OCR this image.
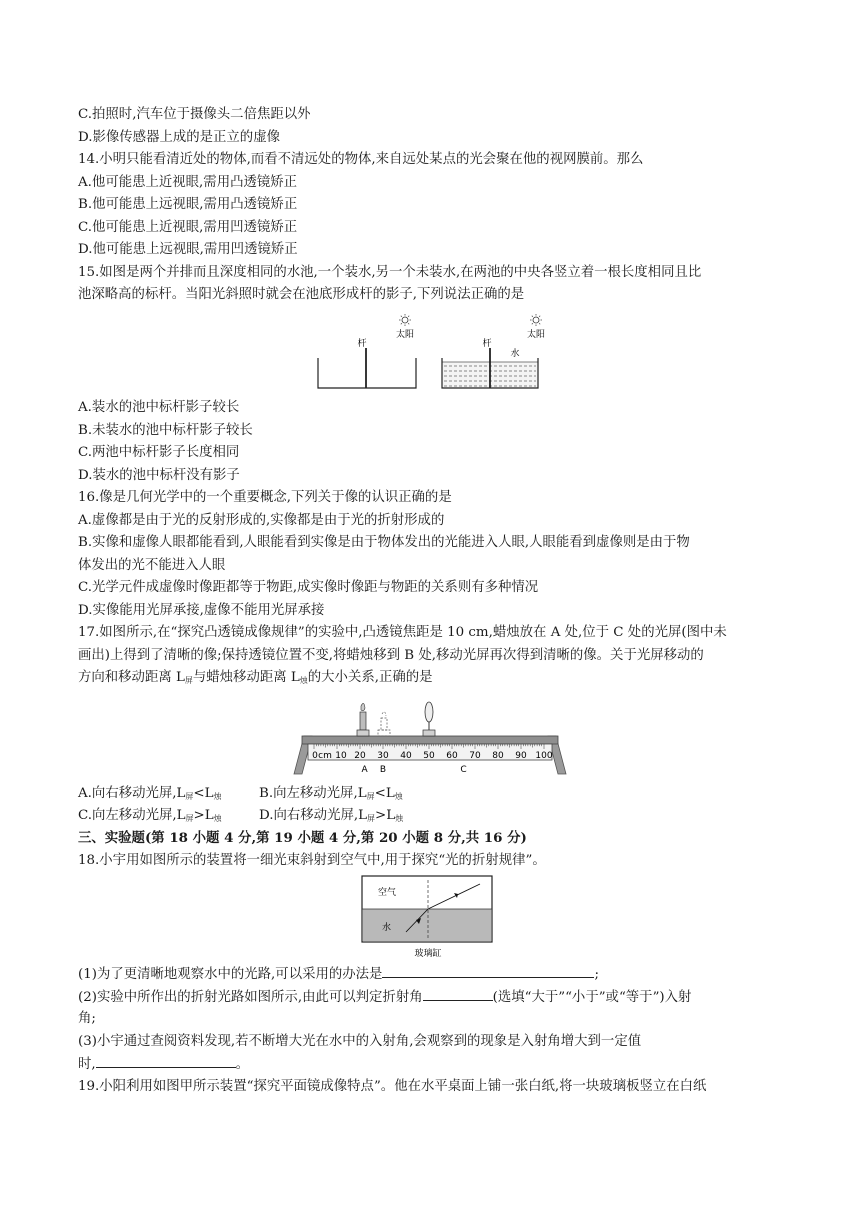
C.拍照时,汽车位于摄像头二倍焦距以外
D.影像传感器上成的是正立的虚像
14.小明只能看清近处的物体,而看不清远处的物体,来自远处某点的光会聚在他的视网膜前。那么
A.他可能患上近视眼,需用凸透镜矫正
B.他可能患上远视眼,需用凸透镜矫正
C.他可能患上近视眼,需用凹透镜矫正
D.他可能患上远视眼,需用凹透镜矫正
15.如图是两个并排而且深度相同的水池,一个装水,另一个未装水,在两池的中央各竖立着一根长度相同且比
池深略高的标杆。当阳光斜照时就会在池底形成杆的影子,下列说法正确的是
杆
太阳
杆
水
太阳
A.装水的池中标杆影子较长
B.未装水的池中标杆影子较长
C.两池中标杆影子长度相同
D.装水的池中标杆没有影子
16.像是几何光学中的一个重要概念,下列关于像的认识正确的是
A.虚像都是由于光的反射形成的,实像都是由于光的折射形成的
B.实像和虚像人眼都能看到,人眼能看到实像是由于物体发出的光能进入人眼,人眼能看到虚像则是由于物
体发出的光不能进入人眼
C.光学元件成虚像时像距都等于物距,成实像时像距与物距的关系则有多种情况
D.实像能用光屏承接,虚像不能用光屏承接
17.如图所示,在“探究凸透镜成像规律”的实验中,凸透镜焦距是 10 cm,蜡烛放在 A 处,位于 C 处的光屏(图中未
画出)上得到了清晰的像;保持透镜位置不变,将蜡烛移到 B 处,移动光屏再次得到清晰的像。关于光屏移动的
方向和移动距离 $L_屏$与蜡烛移动距离 $L_烛$的大小关系,正确的是
0 cm 10 20 30 40 50 60 70 80 90 100
A B	C
A.向右移动光屏$,L_屏<L_烛$	B.向左移动光屏$,L_屏<L_烛$
C.向左移动光屏$,L_屏>L_烛$	D.向右移动光屏$,L_屏>L_烛$
三、实验题(第 18 小题 4 分,第 19 小题 4 分,第 20 小题 8 分,共 16 分)
18.小宇用如图所示的装置将一细光束斜射到空气中,用于探究“光的折射规律”。
空气
水
玻璃缸
(1)为了更清晰地观察水中的光路,可以采用的办法是	;
(2)实验中所作出的折射光路如图所示,由此可以判定折射角	(选填“大于”“小于”或“等于”)入射
角;
(3)小宇通过查阅资料发现,若不断增大光在水中的入射角,会观察到的现象是入射角增大到一定值
时,	。
19.小阳利用如图甲所示装置“探究平面镜成像特点”。他在水平桌面上铺一张白纸,将一块玻璃板竖立在白纸
